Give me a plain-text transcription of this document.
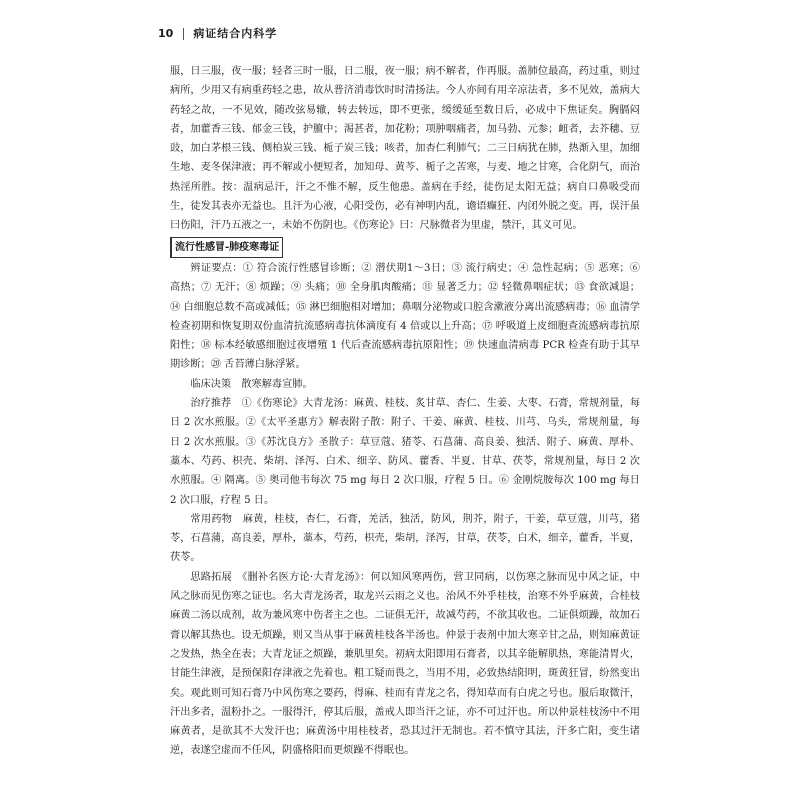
10 病证结合内科学

服，日三服，夜一服；轻者三时一服，日二服，夜一服；病不解者，作再服。盖肺位最高，药过重，则过病所，少用又有病重药轻之患，故从普济消毒饮时时清扬法。今人亦间有用辛凉法者，多不见效，盖病大药轻之故，一不见效，随改弦易辙，转去转远，即不更张，缓缓延至数日后，必成中下焦证矣。胸膈闷者，加藿香三钱、郁金三钱，护膻中；渴甚者，加花粉；项肿咽痛者，加马勃、元参；衄者，去芥穗、豆豉，加白茅根三钱、侧柏炭三钱、栀子炭三钱；咳者，加杏仁利肺气；二三日病犹在肺，热渐入里，加细生地、麦冬保津液；再不解或小便短者，加知母、黄芩、栀子之苦寒，与麦、地之甘寒，合化阴气，而治热淫所胜。按：温病忌汗，汗之不惟不解，反生他患。盖病在手经，徒伤足太阳无益；病自口鼻吸受而生，徒发其表亦无益也。且汗为心液，心阳受伤，必有神明内乱，谵语癫狂、内闭外脱之变。再，误汗虽曰伤阳，汗乃五液之一，未始不伤阴也。《伤寒论》曰：尺脉微者为里虚，禁汗，其义可见。

流行性感冒-肺疫寒毒证

辨证要点：① 符合流行性感冒诊断；② 潜伏期1～3日；③ 流行病史；④ 急性起病；⑤ 恶寒；⑥ 高热；⑦ 无汗；⑧ 烦躁；⑨ 头痛；⑩ 全身肌肉酸痛；⑪ 显著乏力；⑫ 轻微鼻咽症状；⑬ 食欲减退；⑭ 白细胞总数不高或减低；⑮ 淋巴细胞相对增加；鼻咽分泌物或口腔含漱液分离出流感病毒；⑯ 血清学检查初期和恢复期双份血清抗流感病毒抗体滴度有 4 倍或以上升高；⑰ 呼吸道上皮细胞查流感病毒抗原阳性；⑱ 标本经敏感细胞过夜增殖 1 代后查流感病毒抗原阳性；⑲ 快速血清病毒 PCR 检查有助于其早期诊断；⑳ 舌苔薄白脉浮紧。

临床决策　散寒解毒宣肺。

治疗推荐　①《伤寒论》大青龙汤：麻黄、桂枝、炙甘草、杏仁、生姜、大枣、石膏，常规剂量，每日 2 次水煎服。②《太平圣惠方》解表附子散：附子、干姜、麻黄、桂枝、川芎、乌头，常规剂量，每日 2 次水煎服。③《苏沈良方》圣散子：草豆蔻、猪苓、石菖蒲、高良姜、独活、附子、麻黄、厚朴、藁本、芍药、枳壳、柴胡、泽泻、白术、细辛、防风、藿香、半夏、甘草、茯苓，常规剂量，每日 2 次水煎服。④ 隔离。⑤ 奥司他韦每次 75 mg 每日 2 次口服，疗程 5 日。⑥ 金刚烷胺每次 100 mg 每日 2 次口服，疗程 5 日。

常用药物　麻黄，桂枝，杏仁，石膏，羌活，独活，防风，荆芥，附子，干姜，草豆蔻，川芎，猪苓，石菖蒲，高良姜，厚朴，藁本，芍药，枳壳，柴胡，泽泻，甘草，茯苓，白术，细辛，藿香，半夏，茯苓。

思路拓展　《删补名医方论·大青龙汤》：何以知风寒两伤，营卫同病，以伤寒之脉而见中风之证，中风之脉而见伤寒之证也。名大青龙汤者，取龙兴云雨之义也。治风不外乎桂枝，治寒不外乎麻黄，合桂枝麻黄二汤以成剂，故为兼风寒中伤者主之也。二证俱无汗，故减芍药，不欲其收也。二证俱烦躁，故加石膏以解其热也。设无烦躁，则又当从事于麻黄桂枝各半汤也。仲景于表剂中加大寒辛甘之品，则知麻黄证之发热，热全在表；大青龙证之烦躁，兼肌里矣。初病太阳即用石膏者，以其辛能解肌热，寒能清胃火，甘能生津液，是预保阳存津液之先着也。粗工疑而畏之，当用不用，必致热结阳明，斑黄狂冒，纷然变出矣。观此则可知石膏乃中风伤寒之要药，得麻、桂而有青龙之名，得知草而有白虎之号也。服后取微汗，汗出多者，温粉扑之。一服得汗，停其后服，盖戒人即当汗之证，亦不可过汗也。所以仲景桂枝汤中不用麻黄者，是欲其不大发汗也；麻黄汤中用桂枝者，恐其过汗无制也。若不慎守其法，汗多亡阳，变生诸逆，表遂空虚而不任风，阴盛格阳而更烦躁不得眠也。
